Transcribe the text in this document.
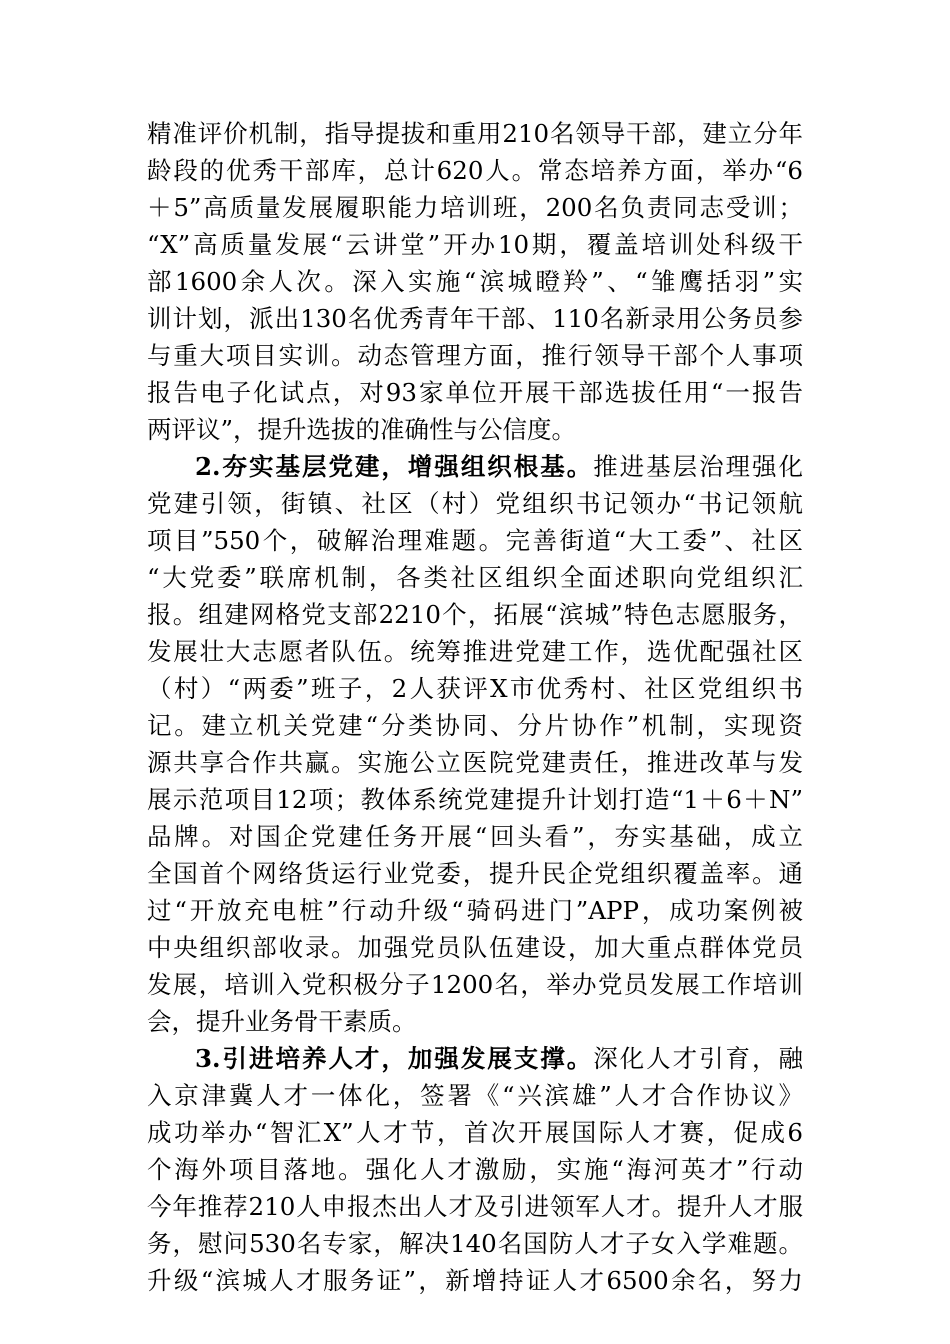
精准评价机制，指导提拔和重用210名领导干部，建立分年
龄段的优秀干部库，总计620人。常态培养方面，举办“6
＋5”高质量发展履职能力培训班，200名负责同志受训；
“X”高质量发展“云讲堂”开办10期，覆盖培训处科级干
部1600余人次。深入实施“滨城瞪羚”、“雏鹰括羽”实
训计划，派出130名优秀青年干部、110名新录用公务员参
与重大项目实训。动态管理方面，推行领导干部个人事项
报告电子化试点，对93家单位开展干部选拔任用“一报告
两评议”，提升选拔的准确性与公信度。
2.夯实基层党建，增强组织根基。推进基层治理强化
党建引领，街镇、社区（村）党组织书记领办“书记领航
项目”550个，破解治理难题。完善街道“大工委”、社区
“大党委”联席机制，各类社区组织全面述职向党组织汇
报。组建网格党支部2210个，拓展“滨城”特色志愿服务，
发展壮大志愿者队伍。统筹推进党建工作，选优配强社区
（村）“两委”班子，2人获评X市优秀村、社区党组织书
记。建立机关党建“分类协同、分片协作”机制，实现资
源共享合作共赢。实施公立医院党建责任，推进改革与发
展示范项目12项；教体系统党建提升计划打造“1＋6＋N”
品牌。对国企党建任务开展“回头看”，夯实基础，成立
全国首个网络货运行业党委，提升民企党组织覆盖率。通
过“开放充电桩”行动升级“骑码进门”APP，成功案例被
中央组织部收录。加强党员队伍建设，加大重点群体党员
发展，培训入党积极分子1200名，举办党员发展工作培训
会，提升业务骨干素质。
3.引进培养人才，加强发展支撑。深化人才引育，融
入京津冀人才一体化，签署《“兴滨雄”人才合作协议》
成功举办“智汇X”人才节，首次开展国际人才赛，促成6
个海外项目落地。强化人才激励，实施“海河英才”行动
今年推荐210人申报杰出人才及引进领军人才。提升人才服
务，慰问530名专家，解决140名国防人才子女入学难题。
升级“滨城人才服务证”，新增持证人才6500余名，努力
